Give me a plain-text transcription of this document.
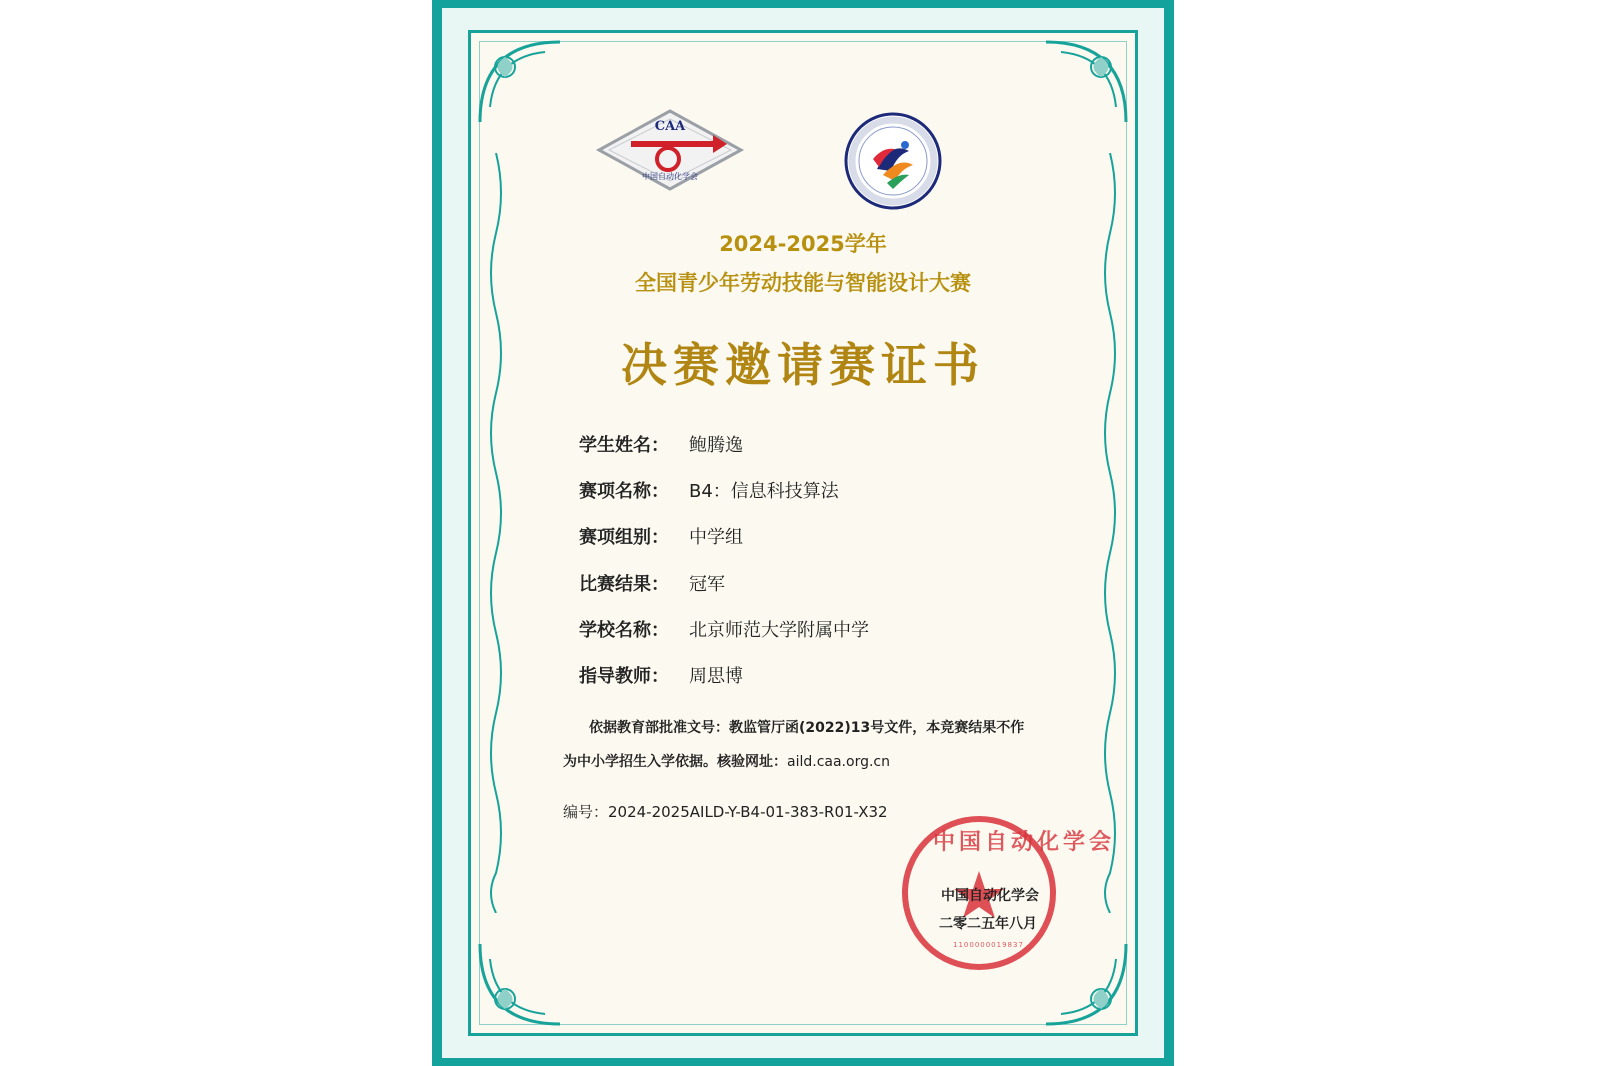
CAA
中国自动化学会
2024-2025学年
全国青少年劳动技能与智能设计大赛
决赛邀请赛证书
学生姓名： 鲍腾逸
赛项名称： B4：信息科技算法
赛项组别： 中学组
比赛结果： 冠军
学校名称： 北京师范大学附属中学
指导教师： 周思博
依据教育部批准文号：教监管厅函(2022)13号文件，本竞赛结果不作
为中小学招生入学依据。核验网址：aild.caa.org.cn
编号：2024-2025AILD-Y-B4-01-383-R01-X32
中国自动化学会
1100000019837
中国自动化学会
二零二五年八月
